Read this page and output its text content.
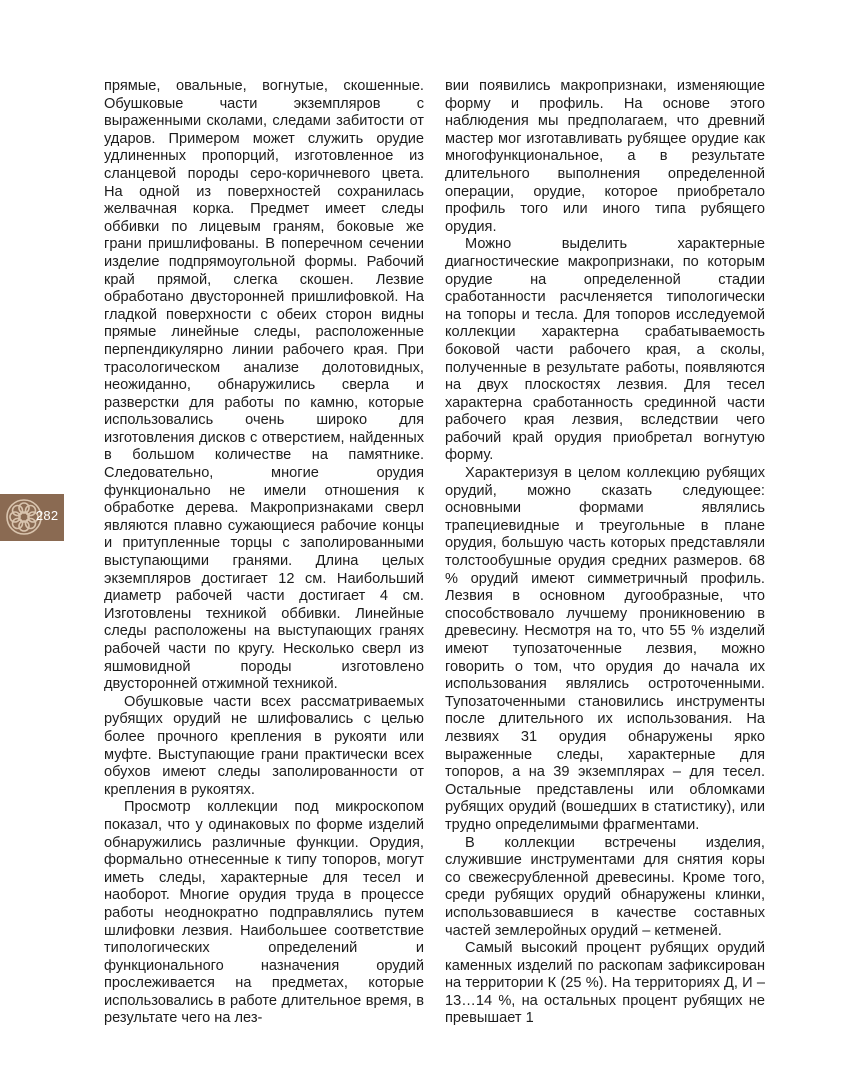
282

прямые, овальные, вогнутые, скошенные. Обушковые части экземпляров с выраженными сколами, следами забитости от ударов. Примером может служить орудие удлиненных пропорций, изготовленное из сланцевой породы серо-коричневого цвета. На одной из поверхностей сохранилась желвачная корка. Предмет имеет следы оббивки по лицевым граням, боковые же грани пришлифованы. В поперечном сечении изделие подпрямоугольной формы. Рабочий край прямой, слегка скошен. Лезвие обработано двусторонней пришлифовкой. На гладкой поверхности с обеих сторон видны прямые линейные следы, расположенные перпендикулярно линии рабочего края. При трасологическом анализе долотовидных, неожиданно, обнаружились сверла и разверстки для работы по камню, которые использовались очень широко для изготовления дисков с отверстием, найденных в большом количестве на памятнике. Следовательно, многие орудия функционально не имели отношения к обработке дерева. Макропризнаками сверл являются плавно сужающиеся рабочие концы и притупленные торцы с заполированными выступающими гранями. Длина целых экземпляров достигает 12 см. Наибольший диаметр рабочей части достигает 4 см. Изготовлены техникой оббивки. Линейные следы расположены на выступающих гранях рабочей части по кругу. Несколько сверл из яшмовидной породы изготовлено двусторонней отжимной техникой.

Обушковые части всех рассматриваемых рубящих орудий не шлифовались с целью более прочного крепления в рукояти или муфте. Выступающие грани практически всех обухов имеют следы заполированности от крепления в рукоятях.

Просмотр коллекции под микроскопом показал, что у одинаковых по форме изделий обнаружились различные функции. Орудия, формально отнесенные к типу топоров, могут иметь следы, характерные для тесел и наоборот. Многие орудия труда в процессе работы неоднократно подправлялись путем шлифовки лезвия. Наибольшее соответствие типологических определений и функционального назначения орудий прослеживается на предметах, которые использовались в работе длительное время, в результате чего на лез-

вии появились макропризнаки, изменяющие форму и профиль. На основе этого наблюдения мы предполагаем, что древний мастер мог изготавливать рубящее орудие как многофункциональное, а в результате длительного выполнения определенной операции, орудие, которое приобретало профиль того или иного типа рубящего орудия.

Можно выделить характерные диагностические макропризнаки, по которым орудие на определенной стадии сработанности расчленяется типологически на топоры и тесла. Для топоров исследуемой коллекции характерна срабатываемость боковой части рабочего края, а сколы, полученные в результате работы, появляются на двух плоскостях лезвия. Для тесел характерна сработанность срединной части рабочего края лезвия, вследствии чего рабочий край орудия приобретал вогнутую форму.

Характеризуя в целом коллекцию рубящих орудий, можно сказать следующее: основными формами являлись трапециевидные и треугольные в плане орудия, большую часть которых представляли толстообушные орудия средних размеров. 68 % орудий имеют симметричный профиль. Лезвия в основном дугообразные, что способствовало лучшему проникновению в древесину. Несмотря на то, что 55 % изделий имеют тупозаточенные лезвия, можно говорить о том, что орудия до начала их использования являлись остроточенными. Тупозаточенными становились инструменты после длительного их использования. На лезвиях 31 орудия обнаружены ярко выраженные следы, характерные для топоров, а на 39 экземплярах – для тесел. Остальные представлены или обломками рубящих орудий (вошедших в статистику), или трудно определимыми фрагментами.

В коллекции встречены изделия, служившие инструментами для снятия коры со свежесрубленной древесины. Кроме того, среди рубящих орудий обнаружены клинки, использовавшиеся в качестве составных частей землеройных орудий – кетменей.

Самый высокий процент рубящих орудий каменных изделий по раскопам зафиксирован на территории К (25 %). На территориях Д, И – 13…14 %, на остальных процент рубящих не превышает 1
